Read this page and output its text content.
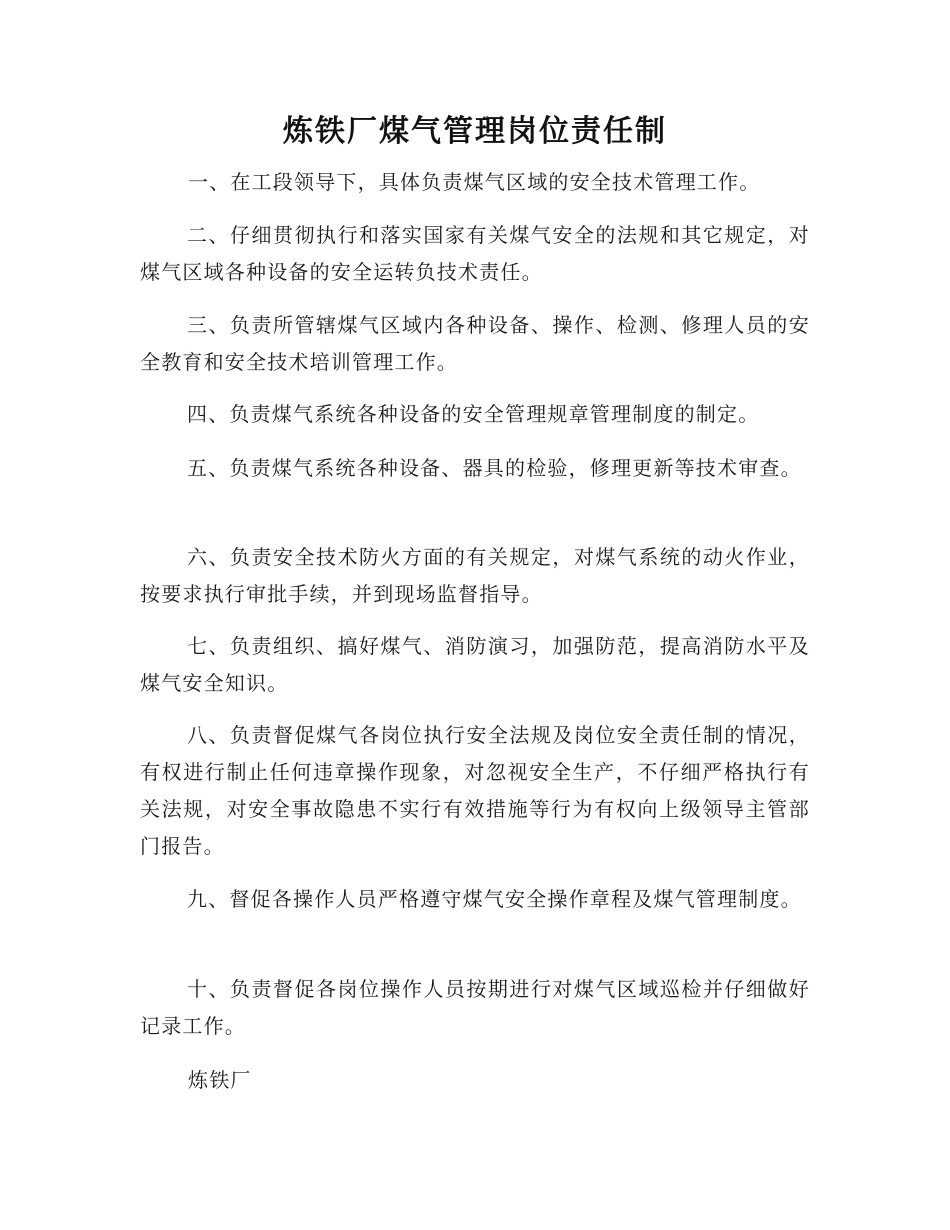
炼铁厂煤气管理岗位责任制

一、在工段领导下，具体负责煤气区域的安全技术管理工作。

二、仔细贯彻执行和落实国家有关煤气安全的法规和其它规定，对煤气区域各种设备的安全运转负技术责任。

三、负责所管辖煤气区域内各种设备、操作、检测、修理人员的安全教育和安全技术培训管理工作。

四、负责煤气系统各种设备的安全管理规章管理制度的制定。

五、负责煤气系统各种设备、器具的检验，修理更新等技术审查。

六、负责安全技术防火方面的有关规定，对煤气系统的动火作业，按要求执行审批手续，并到现场监督指导。

七、负责组织、搞好煤气、消防演习，加强防范，提高消防水平及煤气安全知识。

八、负责督促煤气各岗位执行安全法规及岗位安全责任制的情况，有权进行制止任何违章操作现象，对忽视安全生产，不仔细严格执行有关法规，对安全事故隐患不实行有效措施等行为有权向上级领导主管部门报告。

九、督促各操作人员严格遵守煤气安全操作章程及煤气管理制度。

十、负责督促各岗位操作人员按期进行对煤气区域巡检并仔细做好记录工作。

炼铁厂
